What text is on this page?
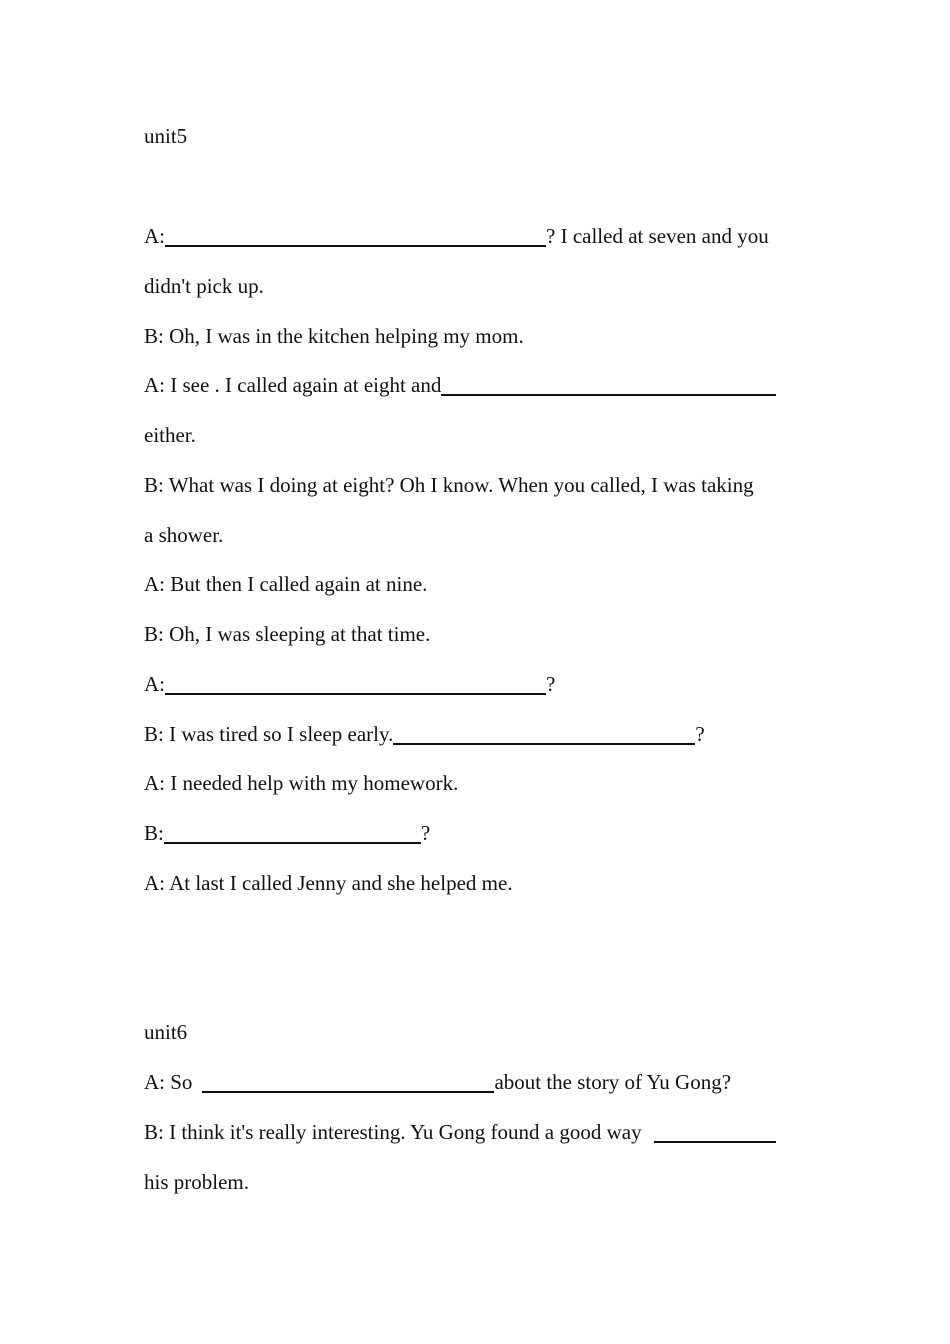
unit5
A:	? I called at seven and you
didn't pick up.
B: Oh, I was in the kitchen helping my mom.
A: I see . I called again at eight and
either.
B: What was I doing at eight? Oh I know. When you called, I was taking
a shower.
A: But then I called again at nine.
B: Oh, I was sleeping at that time.
A:	?
B: I was tired so I sleep early.	?
A: I needed help with my homework.
B:	?
A: At last I called Jenny and she helped me.
unit6
A: So	about the story of Yu Gong?
B: I think it's really interesting. Yu Gong found a good way
his problem.
